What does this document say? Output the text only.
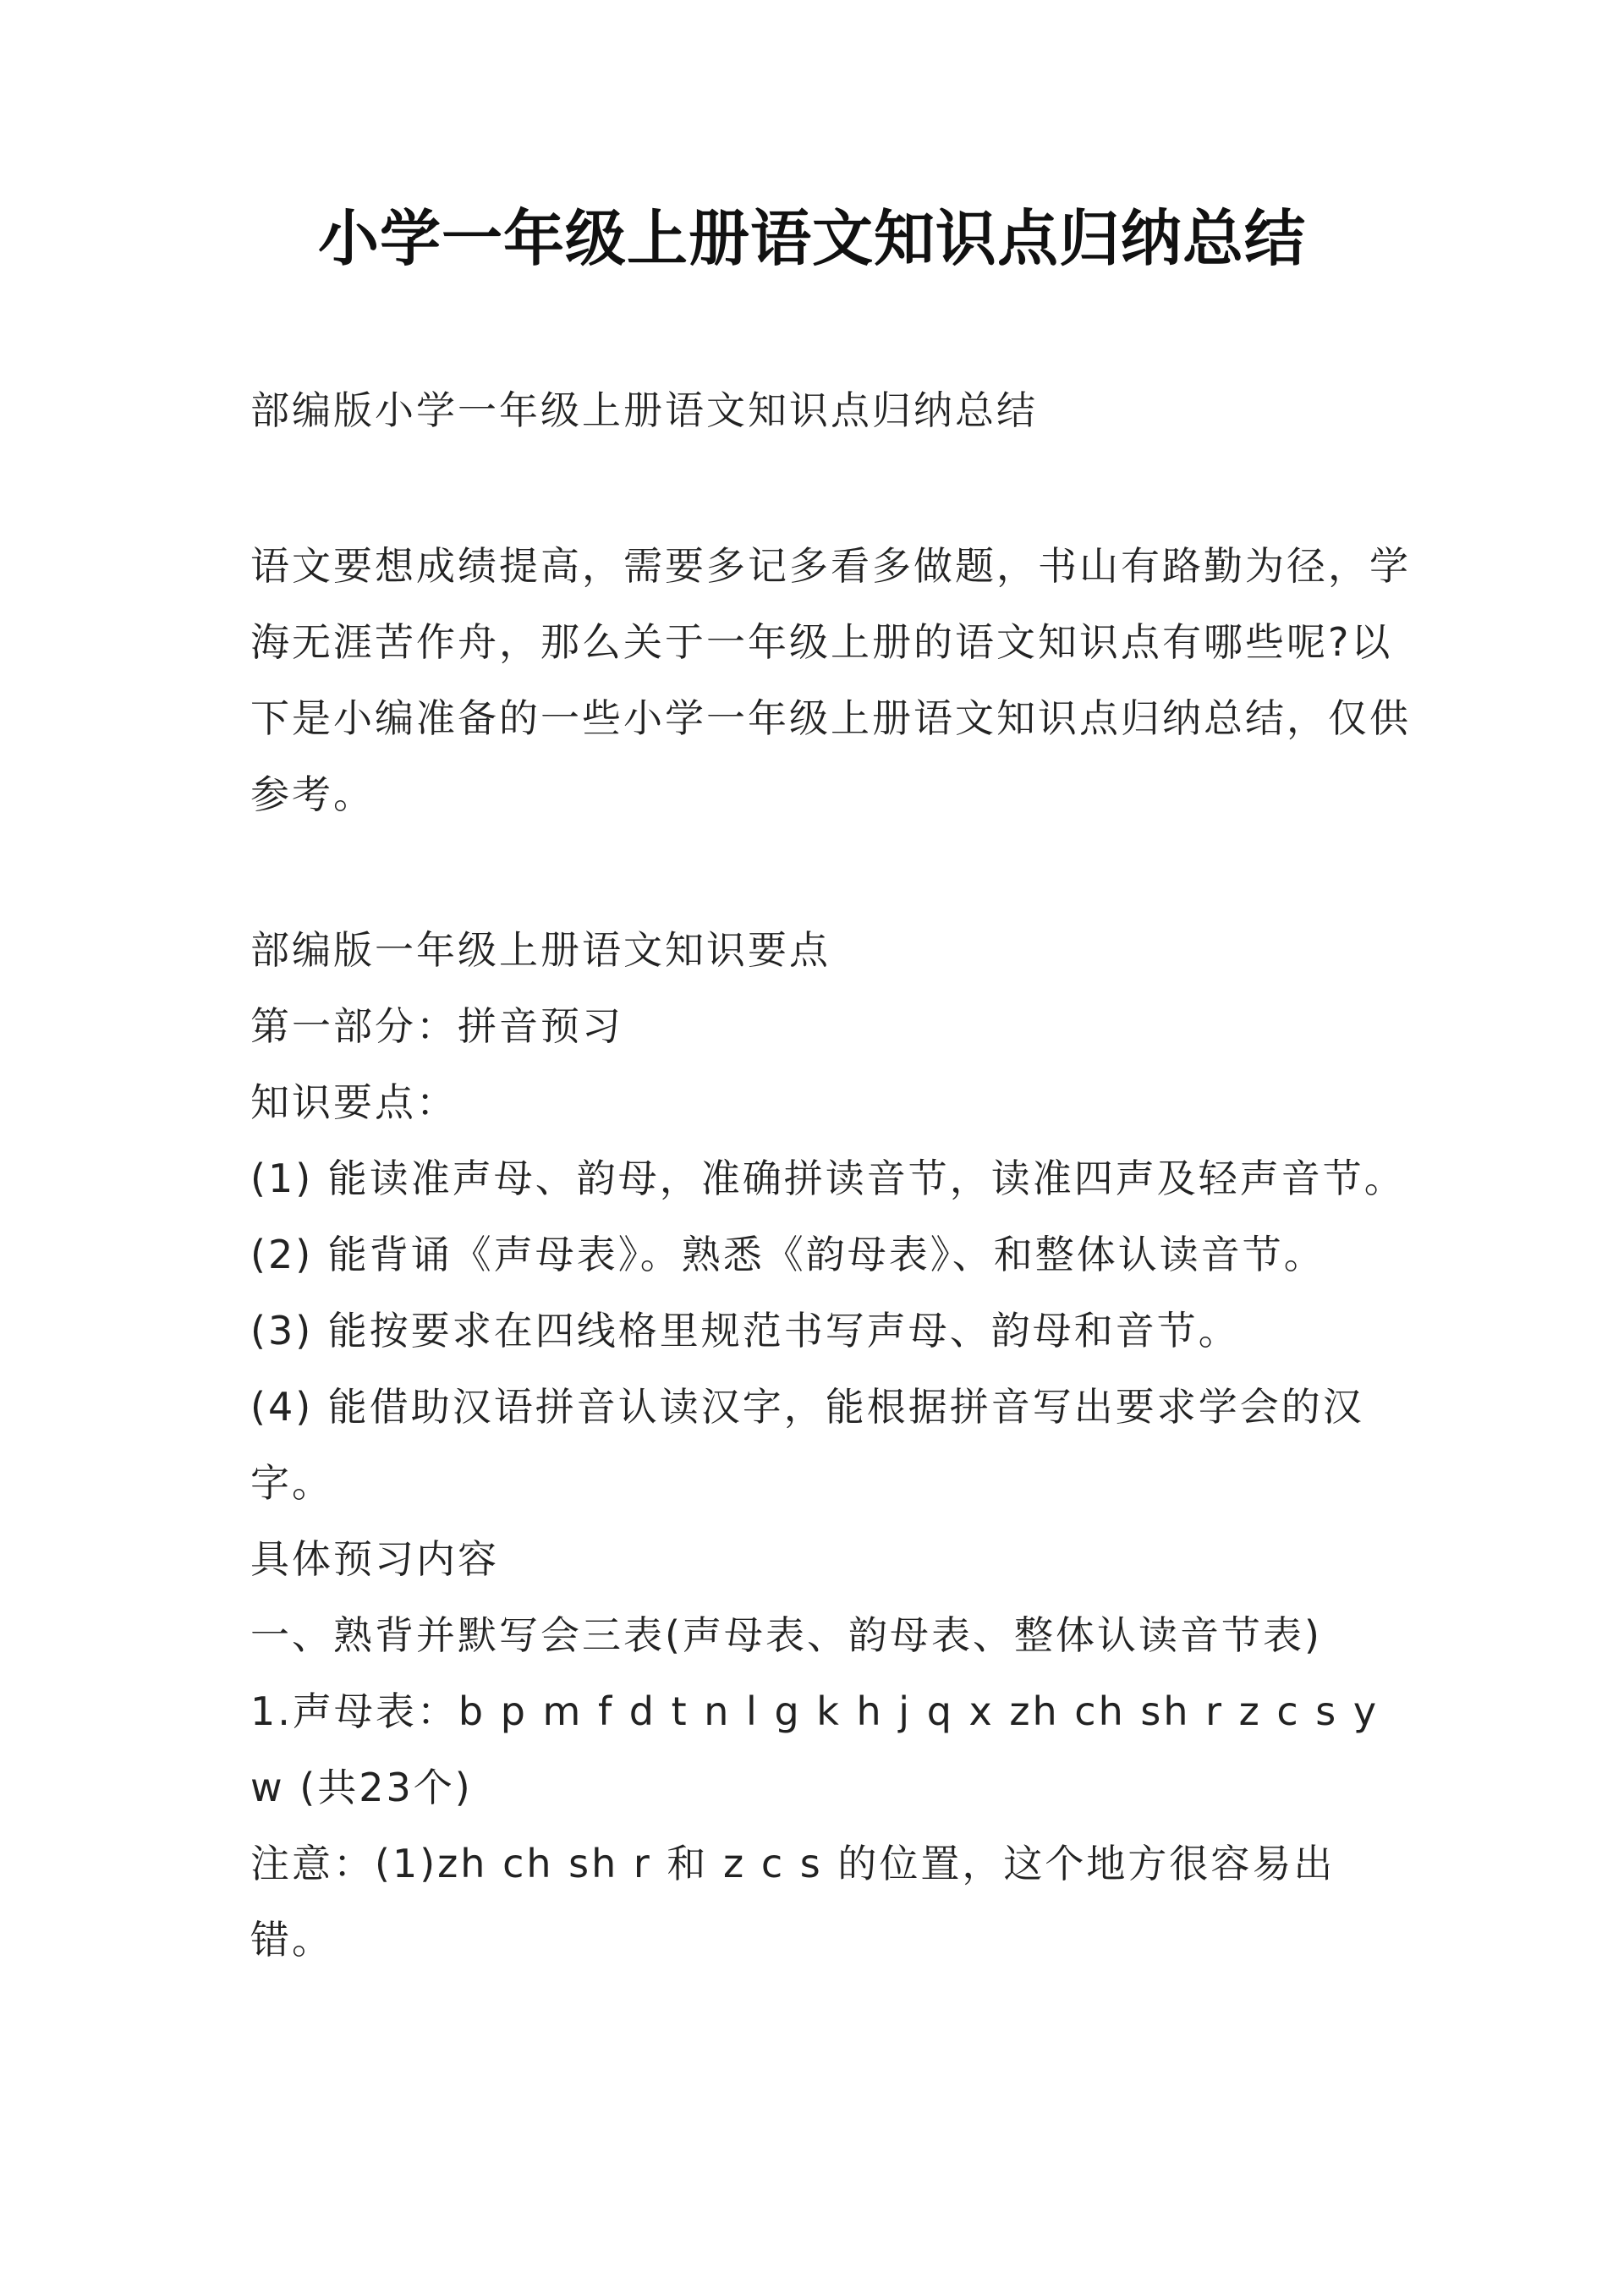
小学一年级上册语文知识点归纳总结

部编版小学一年级上册语文知识点归纳总结

语文要想成绩提高，需要多记多看多做题，书山有路勤为径，学海无涯苦作舟，那么关于一年级上册的语文知识点有哪些呢?以下是小编准备的一些小学一年级上册语文知识点归纳总结，仅供参考。

部编版一年级上册语文知识要点

第一部分：拼音预习

知识要点：

(1) 能读准声母、韵母，准确拼读音节，读准四声及轻声音节。

(2) 能背诵《声母表》。熟悉《韵母表》、和整体认读音节。

(3) 能按要求在四线格里规范书写声母、韵母和音节。

(4) 能借助汉语拼音认读汉字，能根据拼音写出要求学会的汉字。

具体预习内容

一、熟背并默写会三表(声母表、韵母表、整体认读音节表)

1.声母表：b p m f d t n l g k h j q x zh ch sh r z c s y w (共23个)

注意：(1)zh ch sh r 和 z c s 的位置，这个地方很容易出错。
